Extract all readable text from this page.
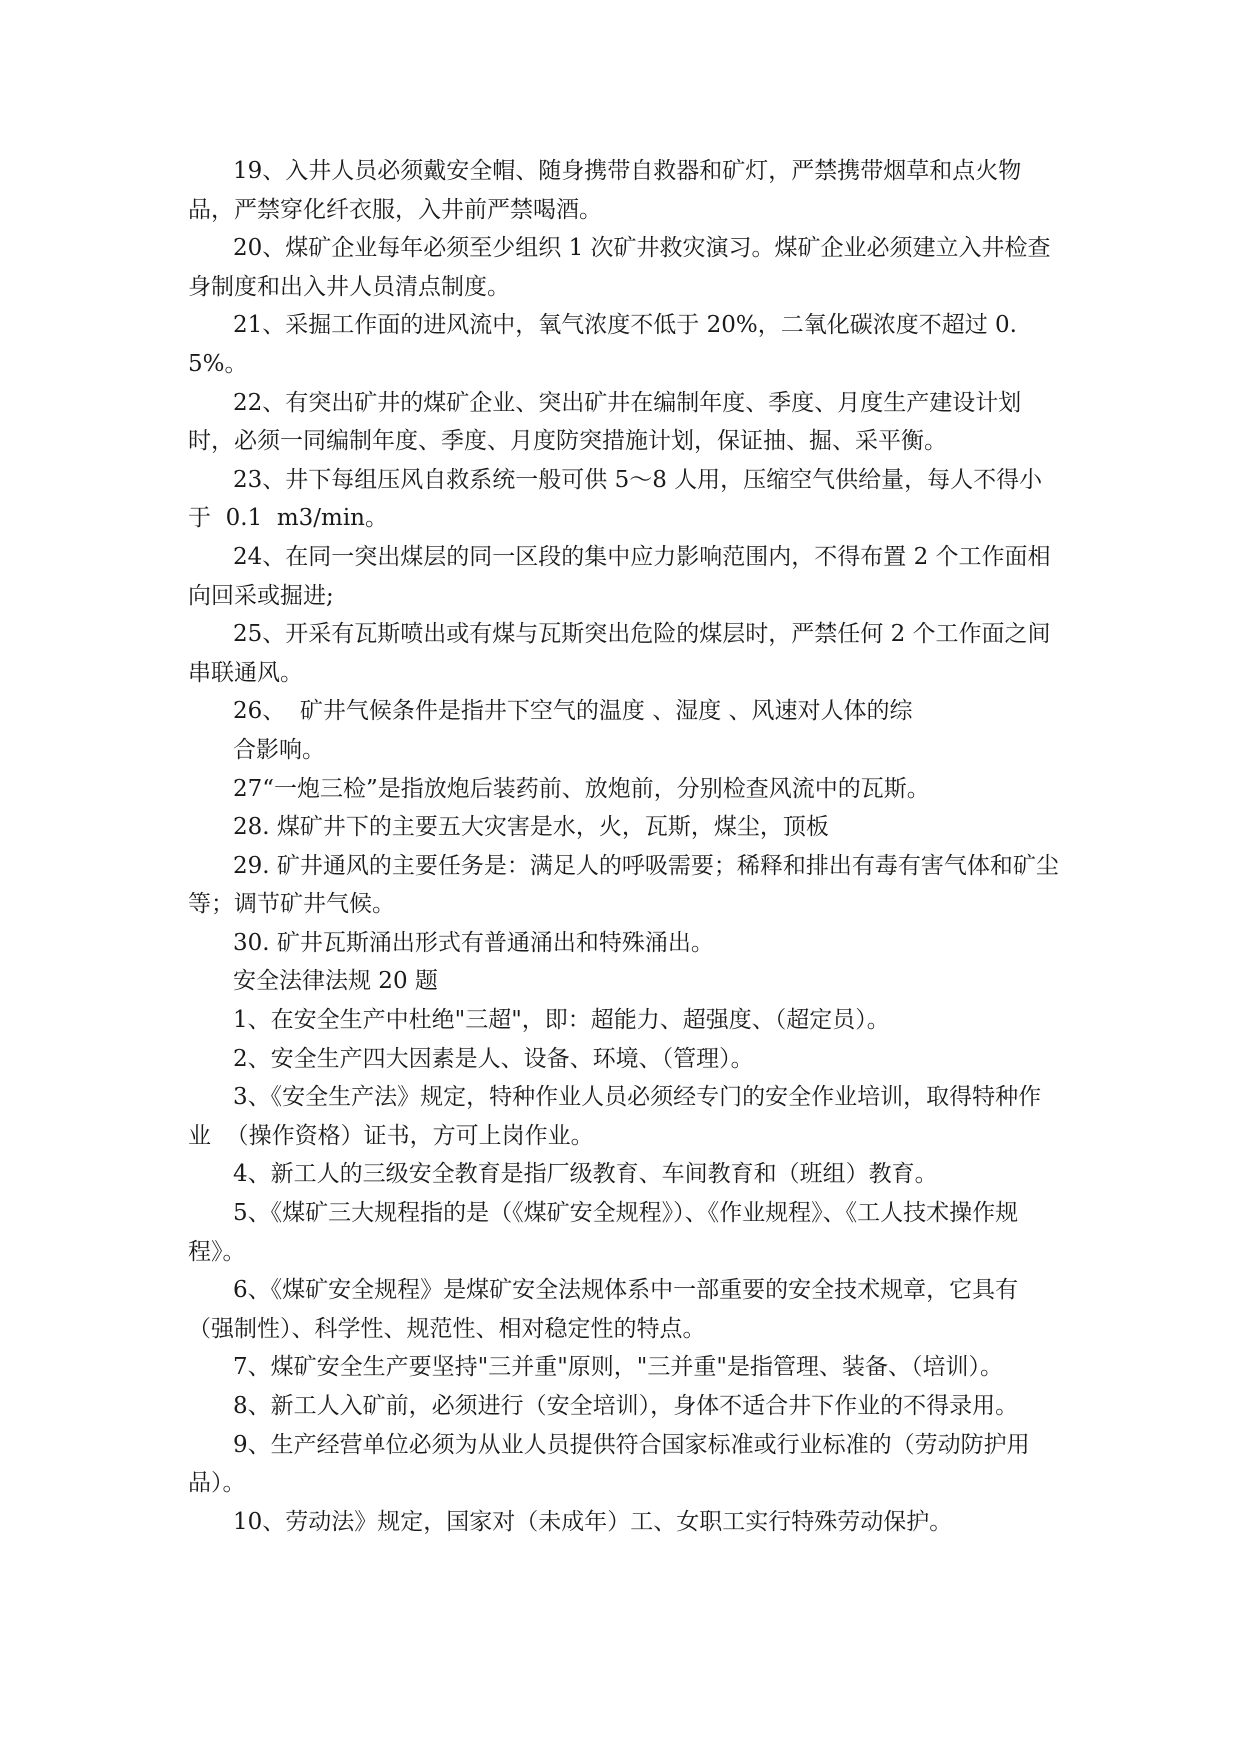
19、入井人员必须戴安全帽、随身携带自救器和矿灯，严禁携带烟草和点火物品，严禁穿化纤衣服，入井前严禁喝酒。

20、煤矿企业每年必须至少组织 1 次矿井救灾演习。煤矿企业必须建立入井检查身制度和出入井人员清点制度。

21、采掘工作面的进风流中，氧气浓度不低于 20%，二氧化碳浓度不超过 0.5%。

22、有突出矿井的煤矿企业、突出矿井在编制年度、季度、月度生产建设计划时，必须一同编制年度、季度、月度防突措施计划，保证抽、掘、采平衡。

23、井下每组压风自救系统一般可供 5～8 人用，压缩空气供给量，每人不得小于  0.1  m3/min。

24、在同一突出煤层的同一区段的集中应力影响范围内，不得布置 2 个工作面相向回采或掘进;

25、开采有瓦斯喷出或有煤与瓦斯突出危险的煤层时，严禁任何 2 个工作面之间串联通风。

26、  矿井气候条件是指井下空气的温度 、湿度 、风速对人体的综

合影响。

27“一炮三检”是指放炮后装药前、放炮前，分别检查风流中的瓦斯。

28. 煤矿井下的主要五大灾害是水，火，瓦斯，煤尘，顶板

29. 矿井通风的主要任务是：满足人的呼吸需要；稀释和排出有毒有害气体和矿尘等；调节矿井气候。

30. 矿井瓦斯涌出形式有普通涌出和特殊涌出。

安全法律法规 20 题

1、在安全生产中杜绝"三超"，即：超能力、超强度、（超定员）。

2、安全生产四大因素是人、设备、环境、（管理）。

3、《安全生产法》规定，特种作业人员必须经专门的安全作业培训，取得特种作业  （操作资格）证书，方可上岗作业。

4、新工人的三级安全教育是指厂级教育、车间教育和（班组）教育。

5、《煤矿三大规程指的是（《煤矿安全规程》）、《作业规程》、《工人技术操作规程》。

6、《煤矿安全规程》是煤矿安全法规体系中一部重要的安全技术规章，它具有（强制性）、科学性、规范性、相对稳定性的特点。

7、煤矿安全生产要坚持"三并重"原则，"三并重"是指管理、装备、（培训）。

8、新工人入矿前，必须进行（安全培训），身体不适合井下作业的不得录用。

9、生产经营单位必须为从业人员提供符合国家标准或行业标准的（劳动防护用品）。

10、劳动法》规定，国家对（未成年）工、女职工实行特殊劳动保护。
